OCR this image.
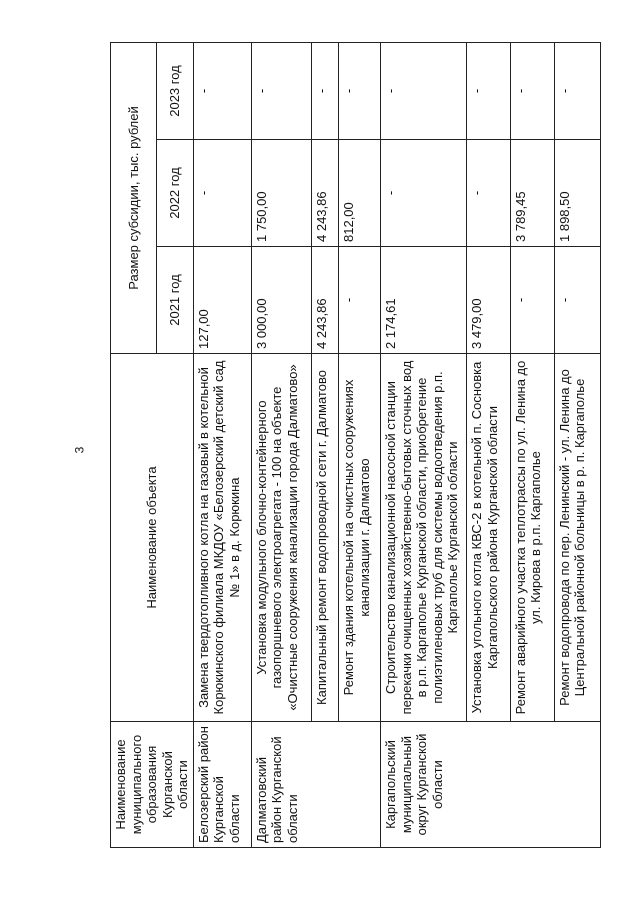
3
Наименование муниципального образования Курганской области	Наименование объекта	Размер субсидии, тыс. рублей		
		2021 год	2022 год	2023 год
Белозерский район Курганской области	Замена твердотопливного котла на газовый в котельной Корюкинского филиала МКДОУ «Белозерский детский сад № 1» в д. Корюкина	127,00	-	-
Далматовский район Курганской области	Установка модульного блочно-контейнерного газопоршневого электроагрегата - 100 на объекте «Очистные сооружения канализации города Далматово»	3 000,00	1 750,00	-
	Капитальный ремонт водопроводной сети г. Далматово	4 243,86	4 243,86	-
	Ремонт здания котельной на очистных сооружениях канализации г. Далматово	-	812,00	-
Каргапольский муниципальный округ Курганской области	Строительство канализационной насосной станции перекачки очищенных хозяйственно-бытовых сточных вод в р.п. Каргаполье Курганской области, приобретение полиэтиленовых труб для системы водоотведения р.п. Каргаполье Курганской области	2 174,61	-	-
	Установка угольного котла КВС-2 в котельной п. Сосновка Каргапольского района Курганской области	3 479,00	-	-
	Ремонт аварийного участка теплотрассы по ул. Ленина до ул. Кирова в р.п. Каргаполье	-	3 789,45	-
	Ремонт водопровода по пер. Ленинский - ул. Ленина до Центральной районной больницы в р. п. Каргаполье	-	1 898,50	-
